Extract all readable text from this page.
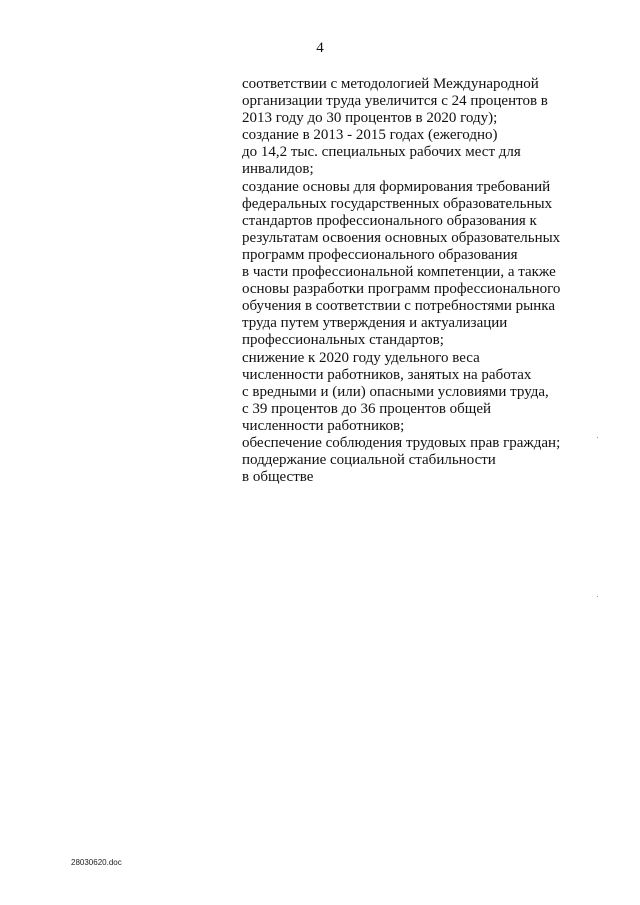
4
соответствии с методологией Международной
организации труда увеличится с 24 процентов в
2013 году до 30 процентов в 2020 году);
создание в 2013 - 2015 годах (ежегодно)
до 14,2 тыс. специальных рабочих мест для
инвалидов;
создание основы для формирования требований
федеральных государственных образовательных
стандартов профессионального образования к
результатам освоения основных образовательных
программ профессионального образования
в части профессиональной компетенции, а также
основы разработки программ профессионального
обучения в соответствии с потребностями рынка
труда путем утверждения и актуализации
профессиональных стандартов;
снижение к 2020 году удельного веса
численности работников, занятых на работах
с вредными и (или) опасными условиями труда,
с 39 процентов до 36 процентов общей
численности работников;
обеспечение соблюдения трудовых прав граждан;
поддержание социальной стабильности
в обществе
28030620.doc
